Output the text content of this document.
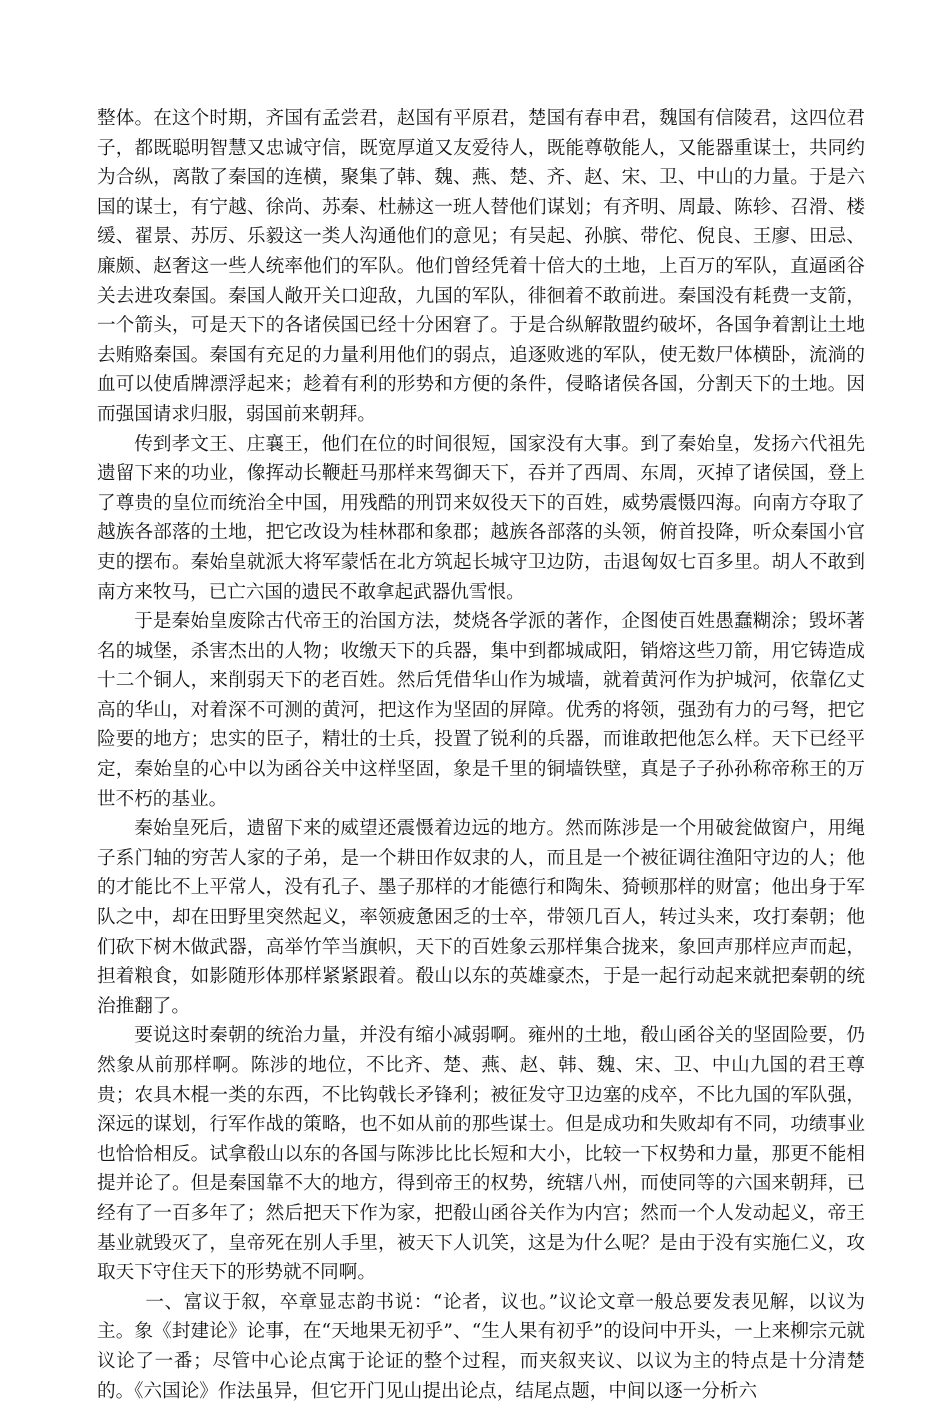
整体。在这个时期，齐国有孟尝君，赵国有平原君，楚国有春申君，魏国有信陵君，这四位君子，都既聪明智慧又忠诚守信，既宽厚道又友爱待人，既能尊敬能人，又能器重谋士，共同约为合纵，离散了秦国的连横，聚集了韩、魏、燕、楚、齐、赵、宋、卫、中山的力量。于是六国的谋士，有宁越、徐尚、苏秦、杜赫这一班人替他们谋划；有齐明、周最、陈轸、召滑、楼缓、翟景、苏厉、乐毅这一类人沟通他们的意见；有吴起、孙膑、带佗、倪良、王廖、田忌、廉颇、赵奢这一些人统率他们的军队。他们曾经凭着十倍大的土地，上百万的军队，直逼函谷关去进攻秦国。秦国人敞开关口迎敌，九国的军队，徘徊着不敢前进。秦国没有耗费一支箭，一个箭头，可是天下的各诸侯国已经十分困窘了。于是合纵解散盟约破坏，各国争着割让土地去贿赂秦国。秦国有充足的力量利用他们的弱点，追逐败逃的军队，使无数尸体横卧，流淌的血可以使盾牌漂浮起来；趁着有利的形势和方便的条件，侵略诸侯各国，分割天下的土地。因而强国请求归服，弱国前来朝拜。

传到孝文王、庄襄王，他们在位的时间很短，国家没有大事。到了秦始皇，发扬六代祖先遗留下来的功业，像挥动长鞭赶马那样来驾御天下，吞并了西周、东周，灭掉了诸侯国，登上了尊贵的皇位而统治全中国，用残酷的刑罚来奴役天下的百姓，威势震慑四海。向南方夺取了越族各部落的土地，把它改设为桂林郡和象郡；越族各部落的头领，俯首投降，听众秦国小官吏的摆布。秦始皇就派大将军蒙恬在北方筑起长城守卫边防，击退匈奴七百多里。胡人不敢到南方来牧马，已亡六国的遗民不敢拿起武器仇雪恨。

于是秦始皇废除古代帝王的治国方法，焚烧各学派的著作，企图使百姓愚蠢糊涂；毁坏著名的城堡，杀害杰出的人物；收缴天下的兵器，集中到都城咸阳，销熔这些刀箭，用它铸造成十二个铜人，来削弱天下的老百姓。然后凭借华山作为城墙，就着黄河作为护城河，依靠亿丈高的华山，对着深不可测的黄河，把这作为坚固的屏障。优秀的将领，强劲有力的弓弩，把它险要的地方；忠实的臣子，精壮的士兵，投置了锐利的兵器，而谁敢把他怎么样。天下已经平定，秦始皇的心中以为函谷关中这样坚固，象是千里的铜墙铁壁，真是子子孙孙称帝称王的万世不朽的基业。

秦始皇死后，遗留下来的威望还震慑着边远的地方。然而陈涉是一个用破瓮做窗户，用绳子系门轴的穷苦人家的子弟，是一个耕田作奴隶的人，而且是一个被征调往渔阳守边的人；他的才能比不上平常人，没有孔子、墨子那样的才能德行和陶朱、猗顿那样的财富；他出身于军队之中，却在田野里突然起义，率领疲惫困乏的士卒，带领几百人，转过头来，攻打秦朝；他们砍下树木做武器，高举竹竿当旗帜，天下的百姓象云那样集合拢来，象回声那样应声而起，担着粮食，如影随形体那样紧紧跟着。殽山以东的英雄豪杰，于是一起行动起来就把秦朝的统治推翻了。

要说这时秦朝的统治力量，并没有缩小减弱啊。雍州的土地，殽山函谷关的坚固险要，仍然象从前那样啊。陈涉的地位，不比齐、楚、燕、赵、韩、魏、宋、卫、中山九国的君王尊贵；农具木棍一类的东西，不比钩戟长矛锋利；被征发守卫边塞的戍卒，不比九国的军队强，深远的谋划，行军作战的策略，也不如从前的那些谋士。但是成功和失败却有不同，功绩事业也恰恰相反。试拿殽山以东的各国与陈涉比比长短和大小，比较一下权势和力量，那更不能相提并论了。但是秦国靠不大的地方，得到帝王的权势，统辖八州，而使同等的六国来朝拜，已经有了一百多年了；然后把天下作为家，把殽山函谷关作为内宫；然而一个人发动起义，帝王基业就毁灭了，皇帝死在别人手里，被天下人讥笑，这是为什么呢？是由于没有实施仁义，攻取天下守住天下的形势就不同啊。

一、富议于叙，卒章显志韵书说：“论者，议也。”议论文章一般总要发表见解，以议为主。象《封建论》论事，在“天地果无初乎”、“生人果有初乎”的设问中开头，一上来柳宗元就议论了一番；尽管中心论点寓于论证的整个过程，而夹叙夹议、以议为主的特点是十分清楚的。《六国论》作法虽异，但它开门见山提出论点，结尾点题，中间以逐一分析六
